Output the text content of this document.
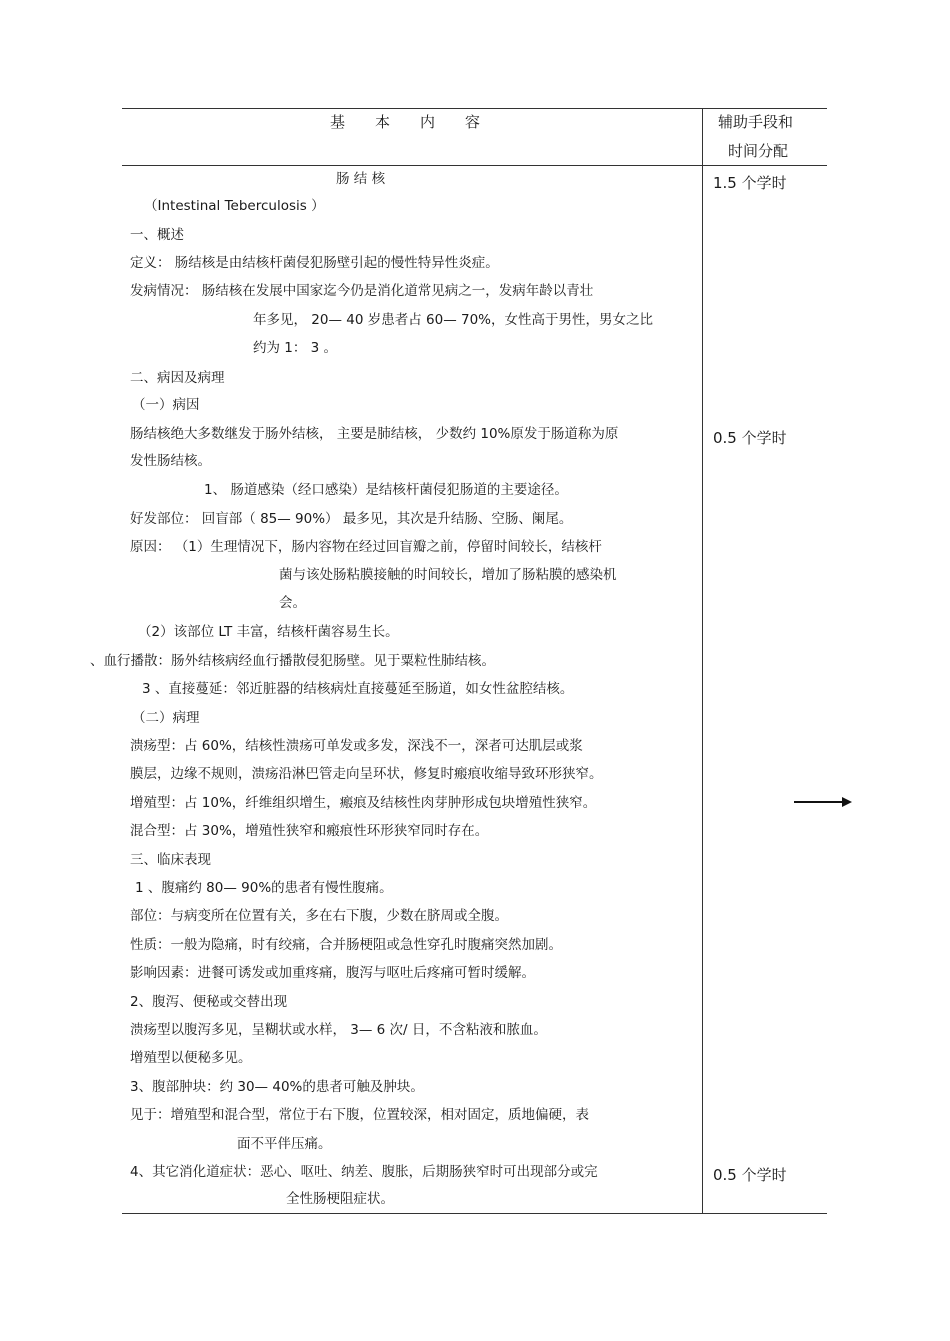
基　　本　　内　　容	辅助手段和
时间分配
1.5 个学时
0.5 个学时
0.5 个学时
肠 结 核
（Intestinal Teberculosis ）
一、概述
定义： 肠结核是由结核杆菌侵犯肠壁引起的慢性特异性炎症。
发病情况： 肠结核在发展中国家迄今仍是消化道常见病之一，发病年龄以青壮
年多见， 20— 40 岁患者占 60— 70%，女性高于男性，男女之比
约为 1： 3 。
二、病因及病理
（一）病因
肠结核绝大多数继发于肠外结核， 主要是肺结核， 少数约 10%原发于肠道称为原
发性肠结核。
1、 肠道感染（经口感染）是结核杆菌侵犯肠道的主要途径。
好发部位： 回盲部（ 85— 90%） 最多见，其次是升结肠、空肠、阑尾。
原因： （1）生理情况下，肠内容物在经过回盲瓣之前，停留时间较长，结核杆
菌与该处肠粘膜接触的时间较长，增加了肠粘膜的感染机
会。
（2）该部位 LT 丰富，结核杆菌容易生长。
、血行播散：肠外结核病经血行播散侵犯肠壁。见于粟粒性肺结核。
3 、直接蔓延：邻近脏器的结核病灶直接蔓延至肠道，如女性盆腔结核。
（二）病理
溃疡型：占 60%，结核性溃疡可单发或多发，深浅不一，深者可达肌层或浆
膜层，边缘不规则，溃疡沿淋巴管走向呈环状，修复时瘢痕收缩导致环形狭窄。
增殖型：占 10%，纤维组织增生，瘢痕及结核性肉芽肿形成包块增殖性狭窄。
混合型：占 30%，增殖性狭窄和瘢痕性环形狭窄同时存在。
三、临床表现
1 、腹痛约 80— 90%的患者有慢性腹痛。
部位：与病变所在位置有关，多在右下腹，少数在脐周或全腹。
性质：一般为隐痛，时有绞痛，合并肠梗阻或急性穿孔时腹痛突然加剧。
影响因素：进餐可诱发或加重疼痛，腹泻与呕吐后疼痛可暂时缓解。
2、腹泻、便秘或交替出现
溃疡型以腹泻多见，呈糊状或水样， 3— 6 次/ 日，不含粘液和脓血。
增殖型以便秘多见。
3、腹部肿块：约 30— 40%的患者可触及肿块。
见于：增殖型和混合型，常位于右下腹，位置较深，相对固定，质地偏硬，表
面不平伴压痛。
4、其它消化道症状：恶心、呕吐、纳差、腹胀，后期肠狭窄时可出现部分或完
全性肠梗阻症状。
